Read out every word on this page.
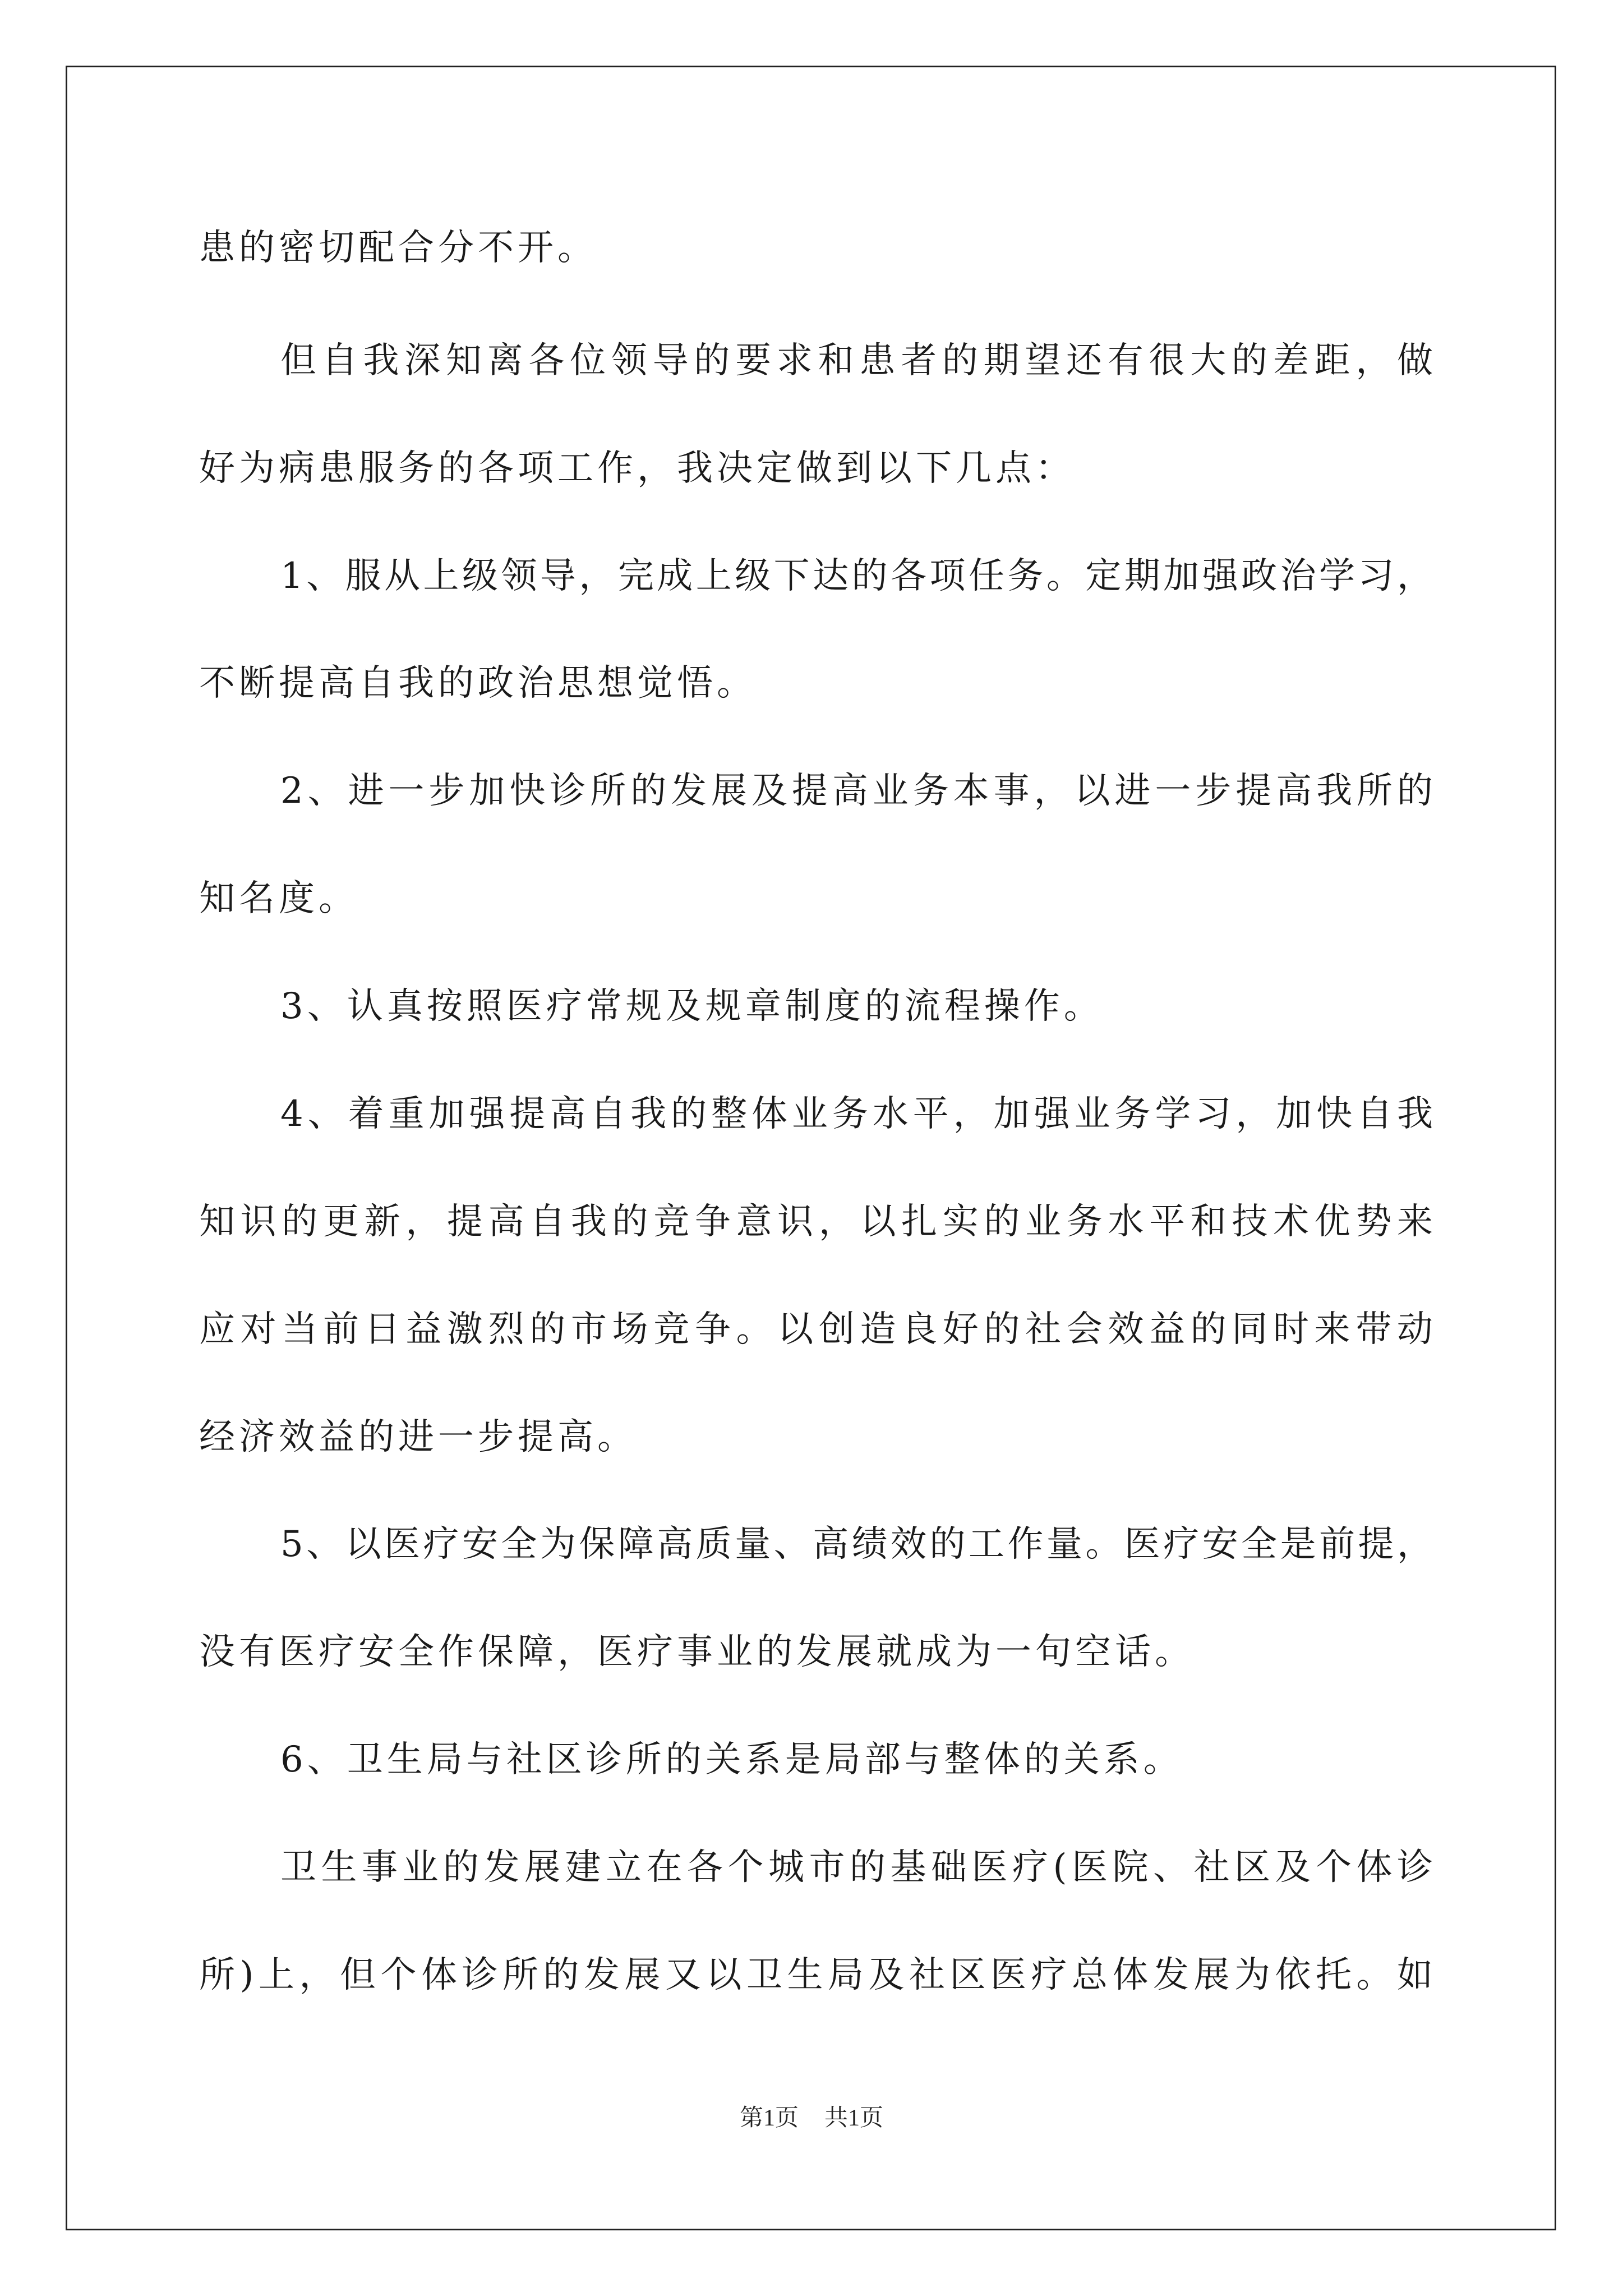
患的密切配合分不开。

但自我深知离各位领导的要求和患者的期望还有很大的差距，做

好为病患服务的各项工作，我决定做到以下几点：

1、服从上级领导，完成上级下达的各项任务。定期加强政治学习，

不断提高自我的政治思想觉悟。

2、进一步加快诊所的发展及提高业务本事，以进一步提高我所的

知名度。

3、认真按照医疗常规及规章制度的流程操作。

4、着重加强提高自我的整体业务水平，加强业务学习，加快自我

知识的更新，提高自我的竞争意识，以扎实的业务水平和技术优势来

应对当前日益激烈的市场竞争。以创造良好的社会效益的同时来带动

经济效益的进一步提高。

5、以医疗安全为保障高质量、高绩效的工作量。医疗安全是前提，

没有医疗安全作保障，医疗事业的发展就成为一句空话。

6、卫生局与社区诊所的关系是局部与整体的关系。

卫生事业的发展建立在各个城市的基础医疗(医院、社区及个体诊

所)上，但个体诊所的发展又以卫生局及社区医疗总体发展为依托。如

第1页 共1页
